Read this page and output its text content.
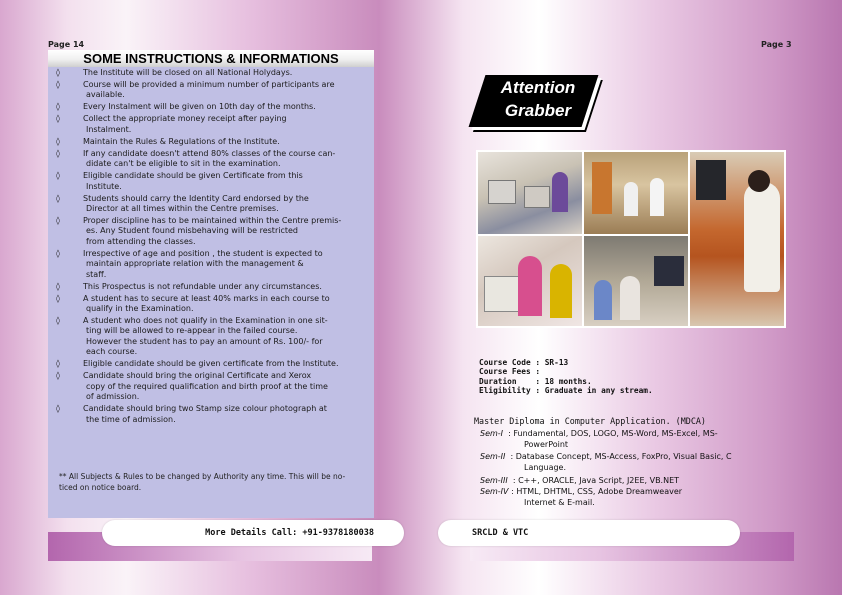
Page 14
SOME INSTRUCTIONS & INFORMATIONS
◊	The Institute will be closed on all National Holydays.
◊	Course will be provided a minimum number of participants are
available.
◊	Every Instalment will be given on 10th day of the months.
◊	Collect the appropriate money receipt after paying
Instalment.
◊	Maintain the Rules & Regulations of the Institute.
◊	If any candidate doesn't attend 80% classes of the course can-
didate can't be eligible to sit in the examination.
◊	Eligible candidate should be given Certificate from this
Institute.
◊	Students should carry the Identity Card endorsed by the
Director at all times within the Centre premises.
◊	Proper discipline has to be maintained within the Centre premis-
es. Any Student found misbehaving will be restricted
from attending the classes.
◊	Irrespective of age and position , the student is expected to
maintain appropriate relation with the management &
staff.
◊	This Prospectus is not refundable under any circumstances.
◊	A student has to secure at least 40% marks in each course to
qualify in the Examination.
◊	A student who does not qualify in the Examination in one sit-
ting will be allowed to re-appear in the failed course.
However the student has to pay an amount of Rs. 100/- for
each course.
◊	Eligible candidate should be given certificate from the Institute.
◊	Candidate should bring the original Certificate and Xerox
copy of the required qualification and birth proof at the time
of admission.
◊	Candidate should bring two Stamp size colour photograph at
the time of admission.
** All Subjects & Rules to be changed by Authority any time. This will be no-
ticed on notice board.
More Details Call: +91-9378180038
Page 3
Attention
Grabber
Course Code : SR-13
Course Fees :
Duration    : 18 months.
Eligibility : Graduate in any stream.
Master Diploma in Computer Application. (MDCA)
Sem-I  : Fundamental, DOS, LOGO, MS-Word, MS-Excel, MS-
PowerPoint
Sem-II  : Database Concept, MS-Access, FoxPro, Visual Basic, C
Language.
Sem-III  : C++, ORACLE, Java Script, J2EE, VB.NET
Sem-IV : HTML, DHTML, CSS, Adobe Dreamweaver
Internet & E-mail.
SRCLD & VTC
